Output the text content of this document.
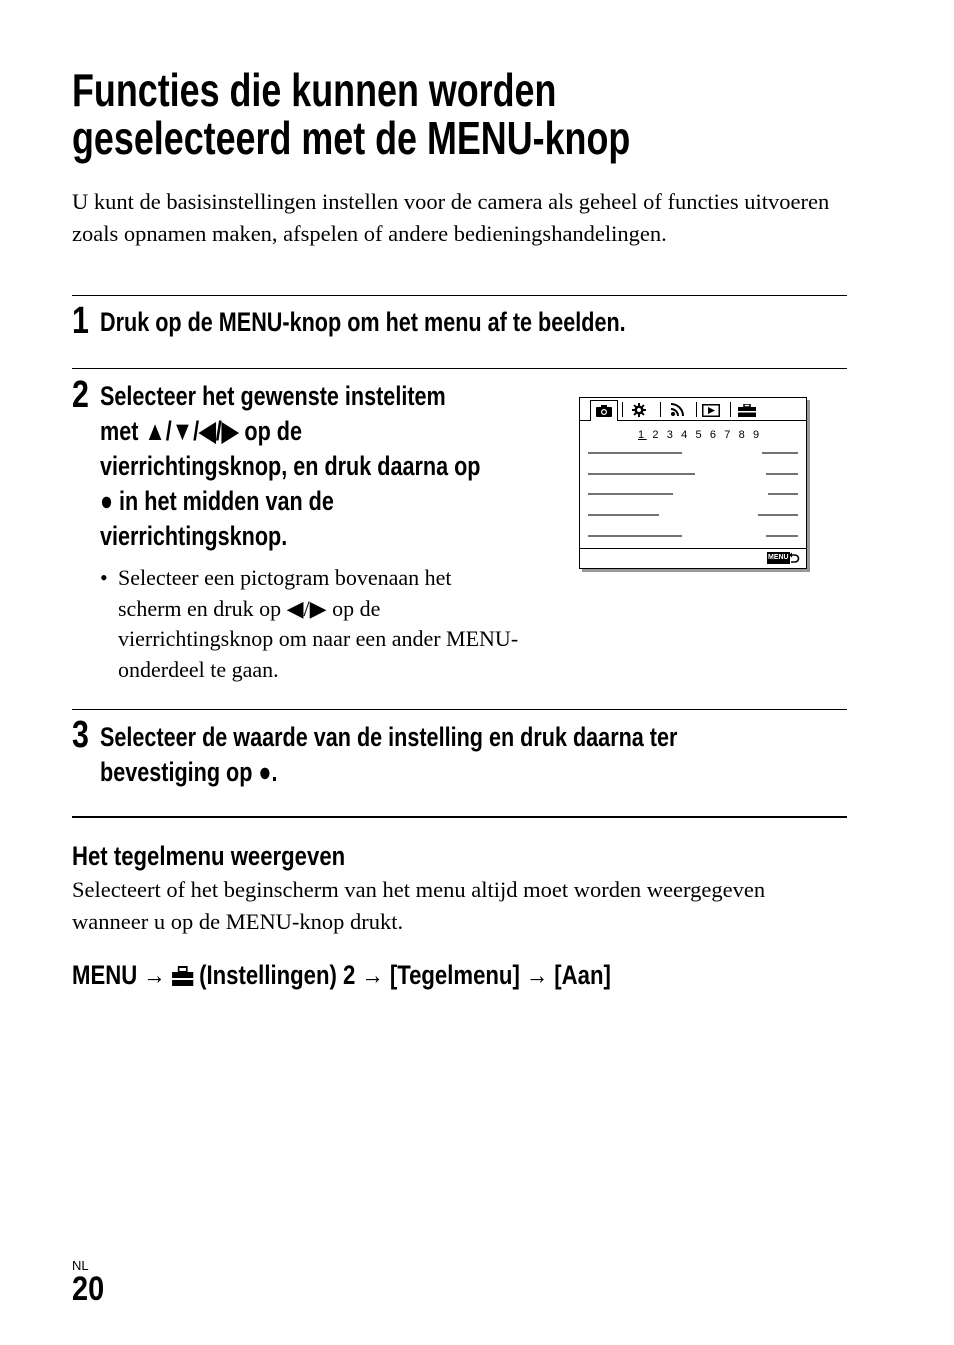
Functies die kunnen worden
geselecteerd met de MENU-knop
U kunt de basisinstellingen instellen voor de camera als geheel of functies uitvoeren zoals opnamen maken, afspelen of andere bedieningshandelingen.
1 Druk op de MENU-knop om het menu af te beelden.
2 Selecteer het gewenste instelitem
met ▲/▼/◀/▶ op de
vierrichtingsknop, en druk daarna op
● in het midden van de
vierrichtingsknop.
• Selecteer een pictogram bovenaan het scherm en druk op ◀/▶ op de vierrichtingsknop om naar een ander MENU-onderdeel te gaan.
1 2 3 4 5 6 7 8 9
MENU
3 Selecteer de waarde van de instelling en druk daarna ter
bevestiging op ●.
Het tegelmenu weergeven
Selecteert of het beginscherm van het menu altijd moet worden weergegeven wanneer u op de MENU-knop drukt.
MENU → (Instellingen) 2 → [Tegelmenu] → [Aan]
NL
20
